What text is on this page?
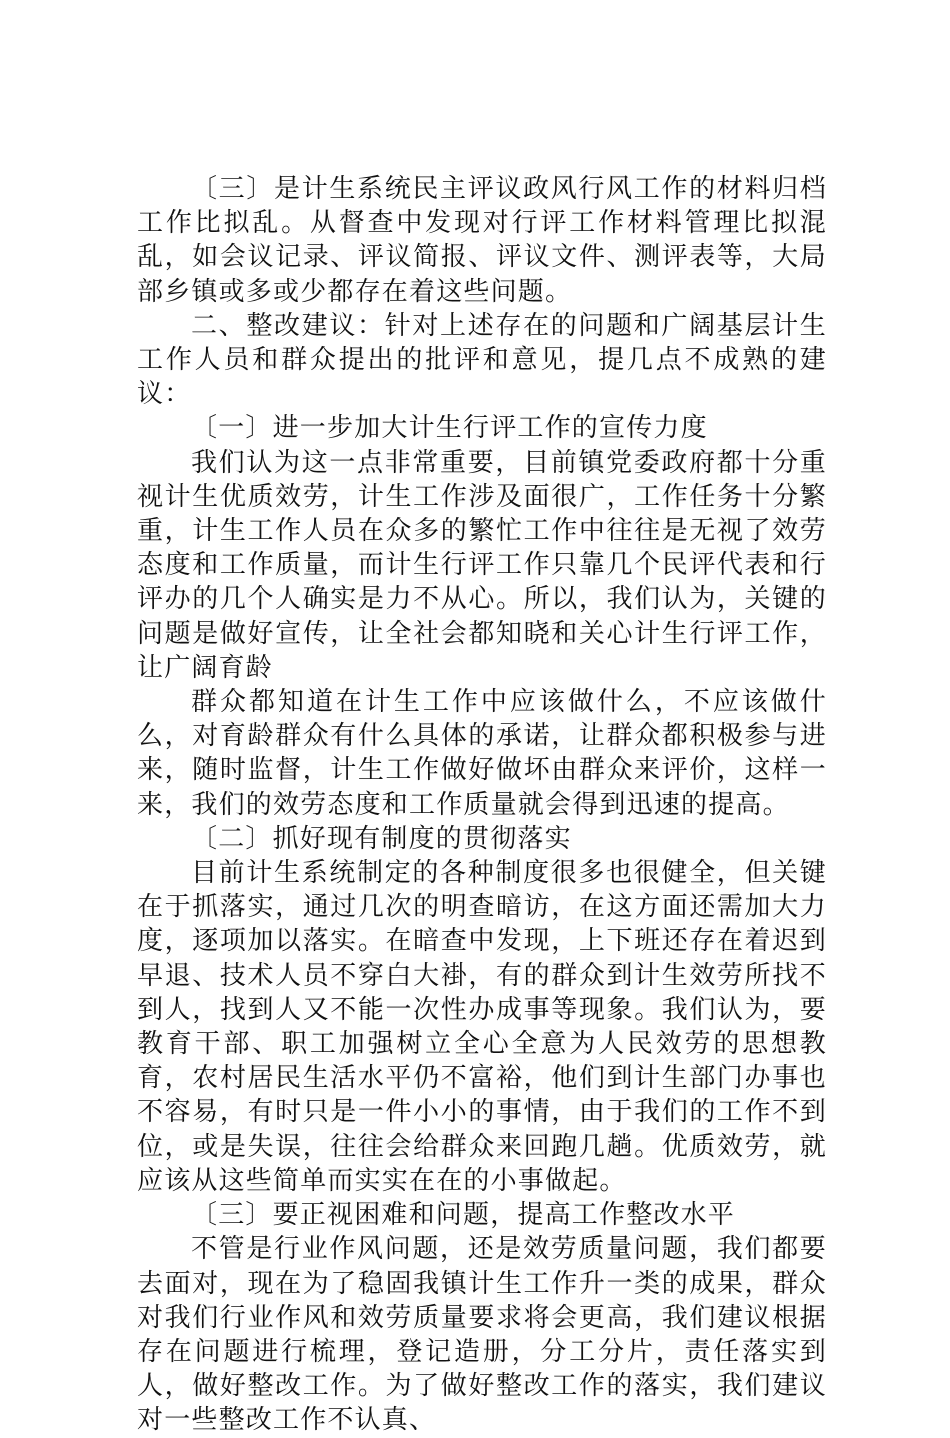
〔三〕是计生系统民主评议政风行风工作的材料归档工作比拟乱。从督查中发现对行评工作材料管理比拟混乱，如会议记录、评议简报、评议文件、测评表等，大局部乡镇或多或少都存在着这些问题。

二、整改建议：针对上述存在的问题和广阔基层计生工作人员和群众提出的批评和意见，提几点不成熟的建议：

〔一〕进一步加大计生行评工作的宣传力度

我们认为这一点非常重要，目前镇党委政府都十分重视计生优质效劳，计生工作涉及面很广，工作任务十分繁重，计生工作人员在众多的繁忙工作中往往是无视了效劳态度和工作质量，而计生行评工作只靠几个民评代表和行评办的几个人确实是力不从心。所以，我们认为，关键的问题是做好宣传，让全社会都知晓和关心计生行评工作，让广阔育龄

群众都知道在计生工作中应该做什么，不应该做什么，对育龄群众有什么具体的承诺，让群众都积极参与进来，随时监督，计生工作做好做坏由群众来评价，这样一来，我们的效劳态度和工作质量就会得到迅速的提高。

〔二〕抓好现有制度的贯彻落实

目前计生系统制定的各种制度很多也很健全，但关键在于抓落实，通过几次的明查暗访，在这方面还需加大力度，逐项加以落实。在暗查中发现，上下班还存在着迟到早退、技术人员不穿白大褂，有的群众到计生效劳所找不到人，找到人又不能一次性办成事等现象。我们认为，要教育干部、职工加强树立全心全意为人民效劳的思想教育，农村居民生活水平仍不富裕，他们到计生部门办事也不容易，有时只是一件小小的事情，由于我们的工作不到位，或是失误，往往会给群众来回跑几趟。优质效劳，就应该从这些简单而实实在在的小事做起。

〔三〕要正视困难和问题，提高工作整改水平

不管是行业作风问题，还是效劳质量问题，我们都要去面对，现在为了稳固我镇计生工作升一类的成果，群众对我们行业作风和效劳质量要求将会更高，我们建议根据存在问题进行梳理，登记造册，分工分片，责任落实到人，做好整改工作。为了做好整改工作的落实，我们建议对一些整改工作不认真、
